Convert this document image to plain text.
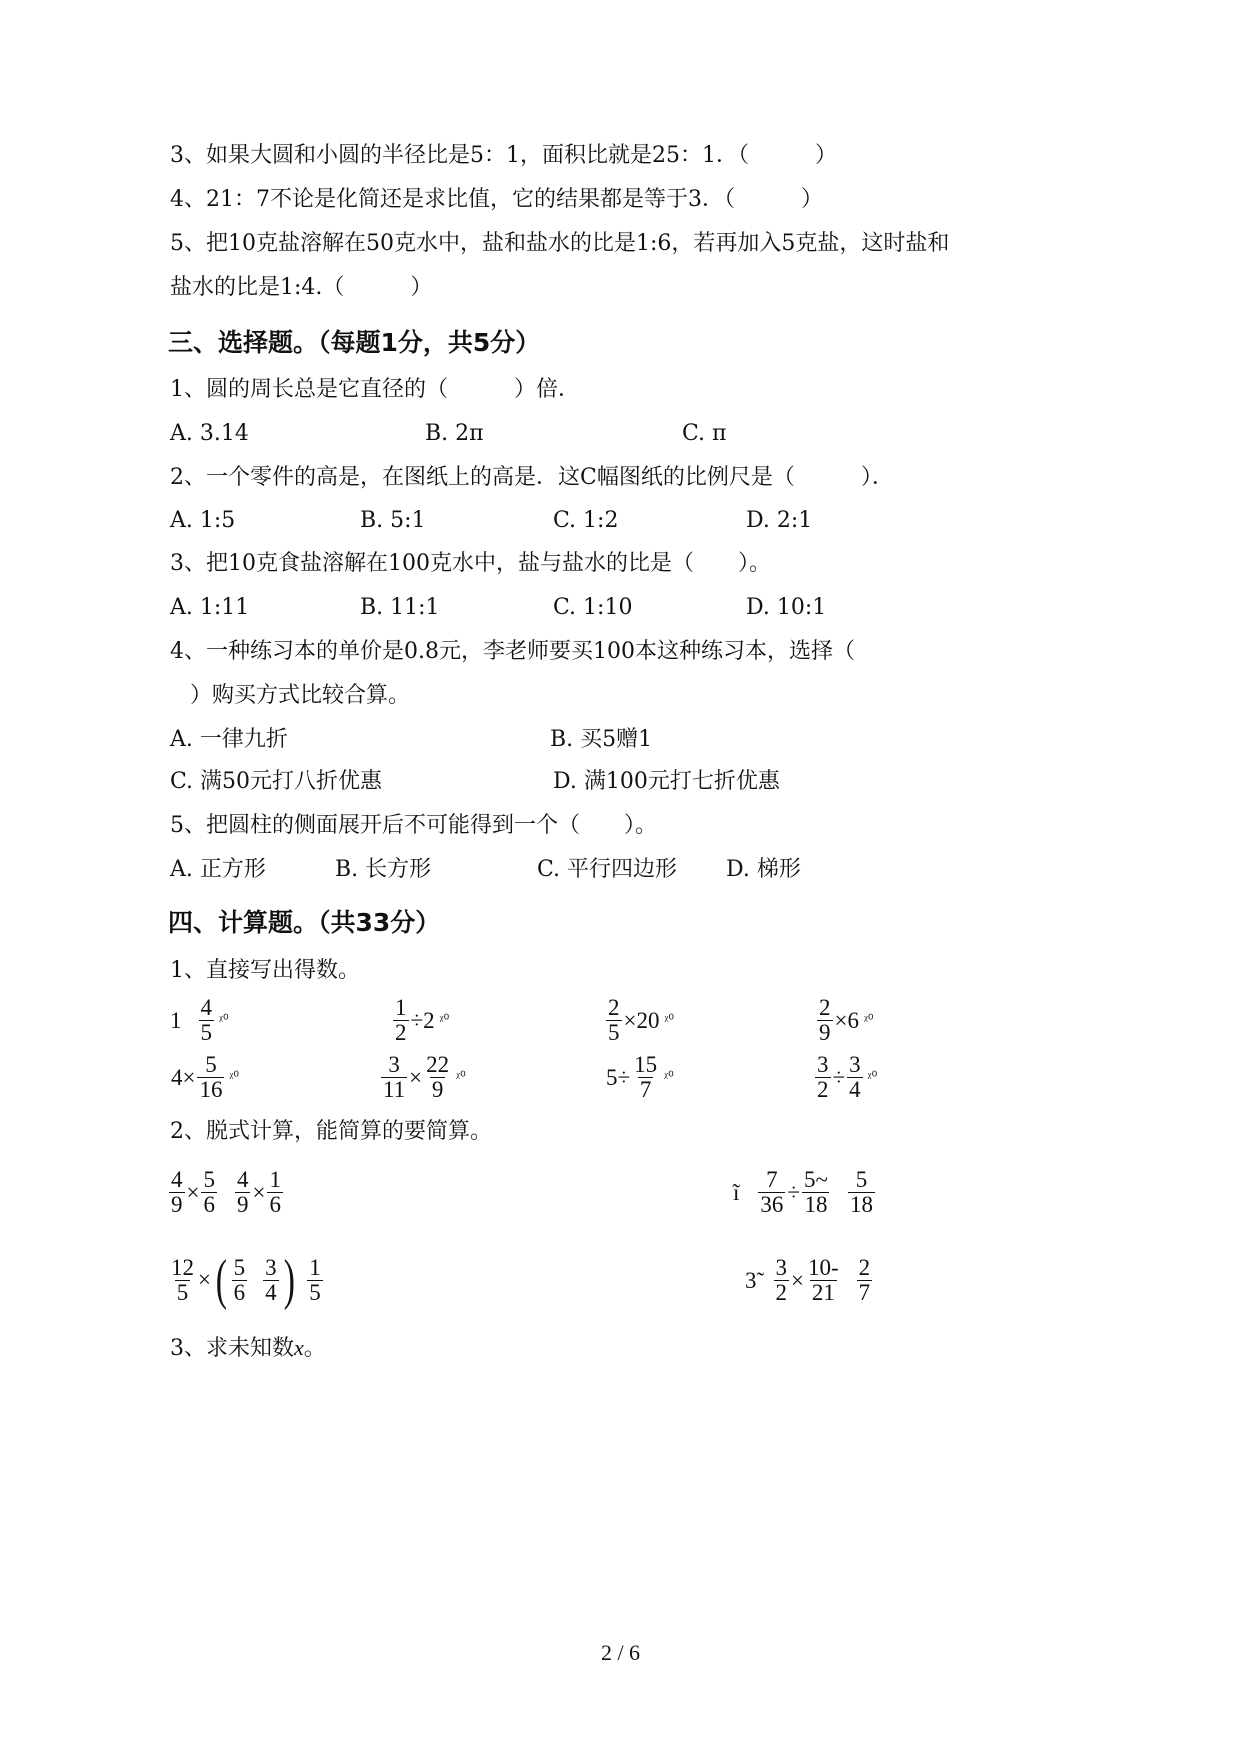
3、如果大圆和小圆的半径比是5：1，面积比就是25：1．（　　　）
4、21：7不论是化简还是求比值，它的结果都是等于3．（　　　）
5、把10克盐溶解在50克水中，盐和盐水的比是1:6，若再加入5克盐，这时盐和
盐水的比是1:4.（　　　）
三、选择题。（每题1分，共5分）
1、圆的周长总是它直径的（　　　）倍．
A. 3.14	B. 2π	C. π
2、一个零件的高是，在图纸上的高是．这C幅图纸的比例尺是（　　　）．
A. 1:5	B. 5:1	C. 1:2	D. 2:1
3、把10克食盐溶解在100克水中，盐与盐水的比是（　　）。
A. 1:11	B. 11:1	C. 1:10	D. 10:1
4、一种练习本的单价是0.8元，李老师要买100本这种练习本，选择（
）购买方式比较合算。
A. 一律九折	B. 买5赠1
C. 满50元打八折优惠	D. 满100元打七折优惠
5、把圆柱的侧面展开后不可能得到一个（　　）。
A. 正方形	B. 长方形	C. 平行四边形 D. 梯形
四、计算题。（共33分）
1、直接写出得数。
$1 \frac{4}{5}$ ᵡ⁰	$\frac{1}{2} \div 2$ ᵡ⁰	$\frac{2}{5} \times 20$ ᵡ⁰	$\frac{2}{9} \times 6$ ᵡ⁰
$4\times \frac{5}{16}$ ᵡ⁰	$\frac{3}{11} \times \frac{22}{9}$ ᵡ⁰	$5\div \frac{15}{7}$ ᵡ⁰	$\frac{3}{2} \div \frac{3}{4}$ ᵡ⁰
2、脱式计算，能简算的要简算。
$\frac{4}{9} \times \frac{5}{6} \frac{4}{9} \times \frac{1}{6}$	ĩ $\frac{7}{36} \div \frac{5\sim}{18} \frac{5}{18}$
$\frac{12}{5}$ × ( $\frac{5}{6} \frac{3}{4}$ ) $\frac{1}{5}$	3̃ $\frac{3}{2} \times \frac{10-}{21} \frac{2}{7}$
3、求未知数x。
2 / 6
